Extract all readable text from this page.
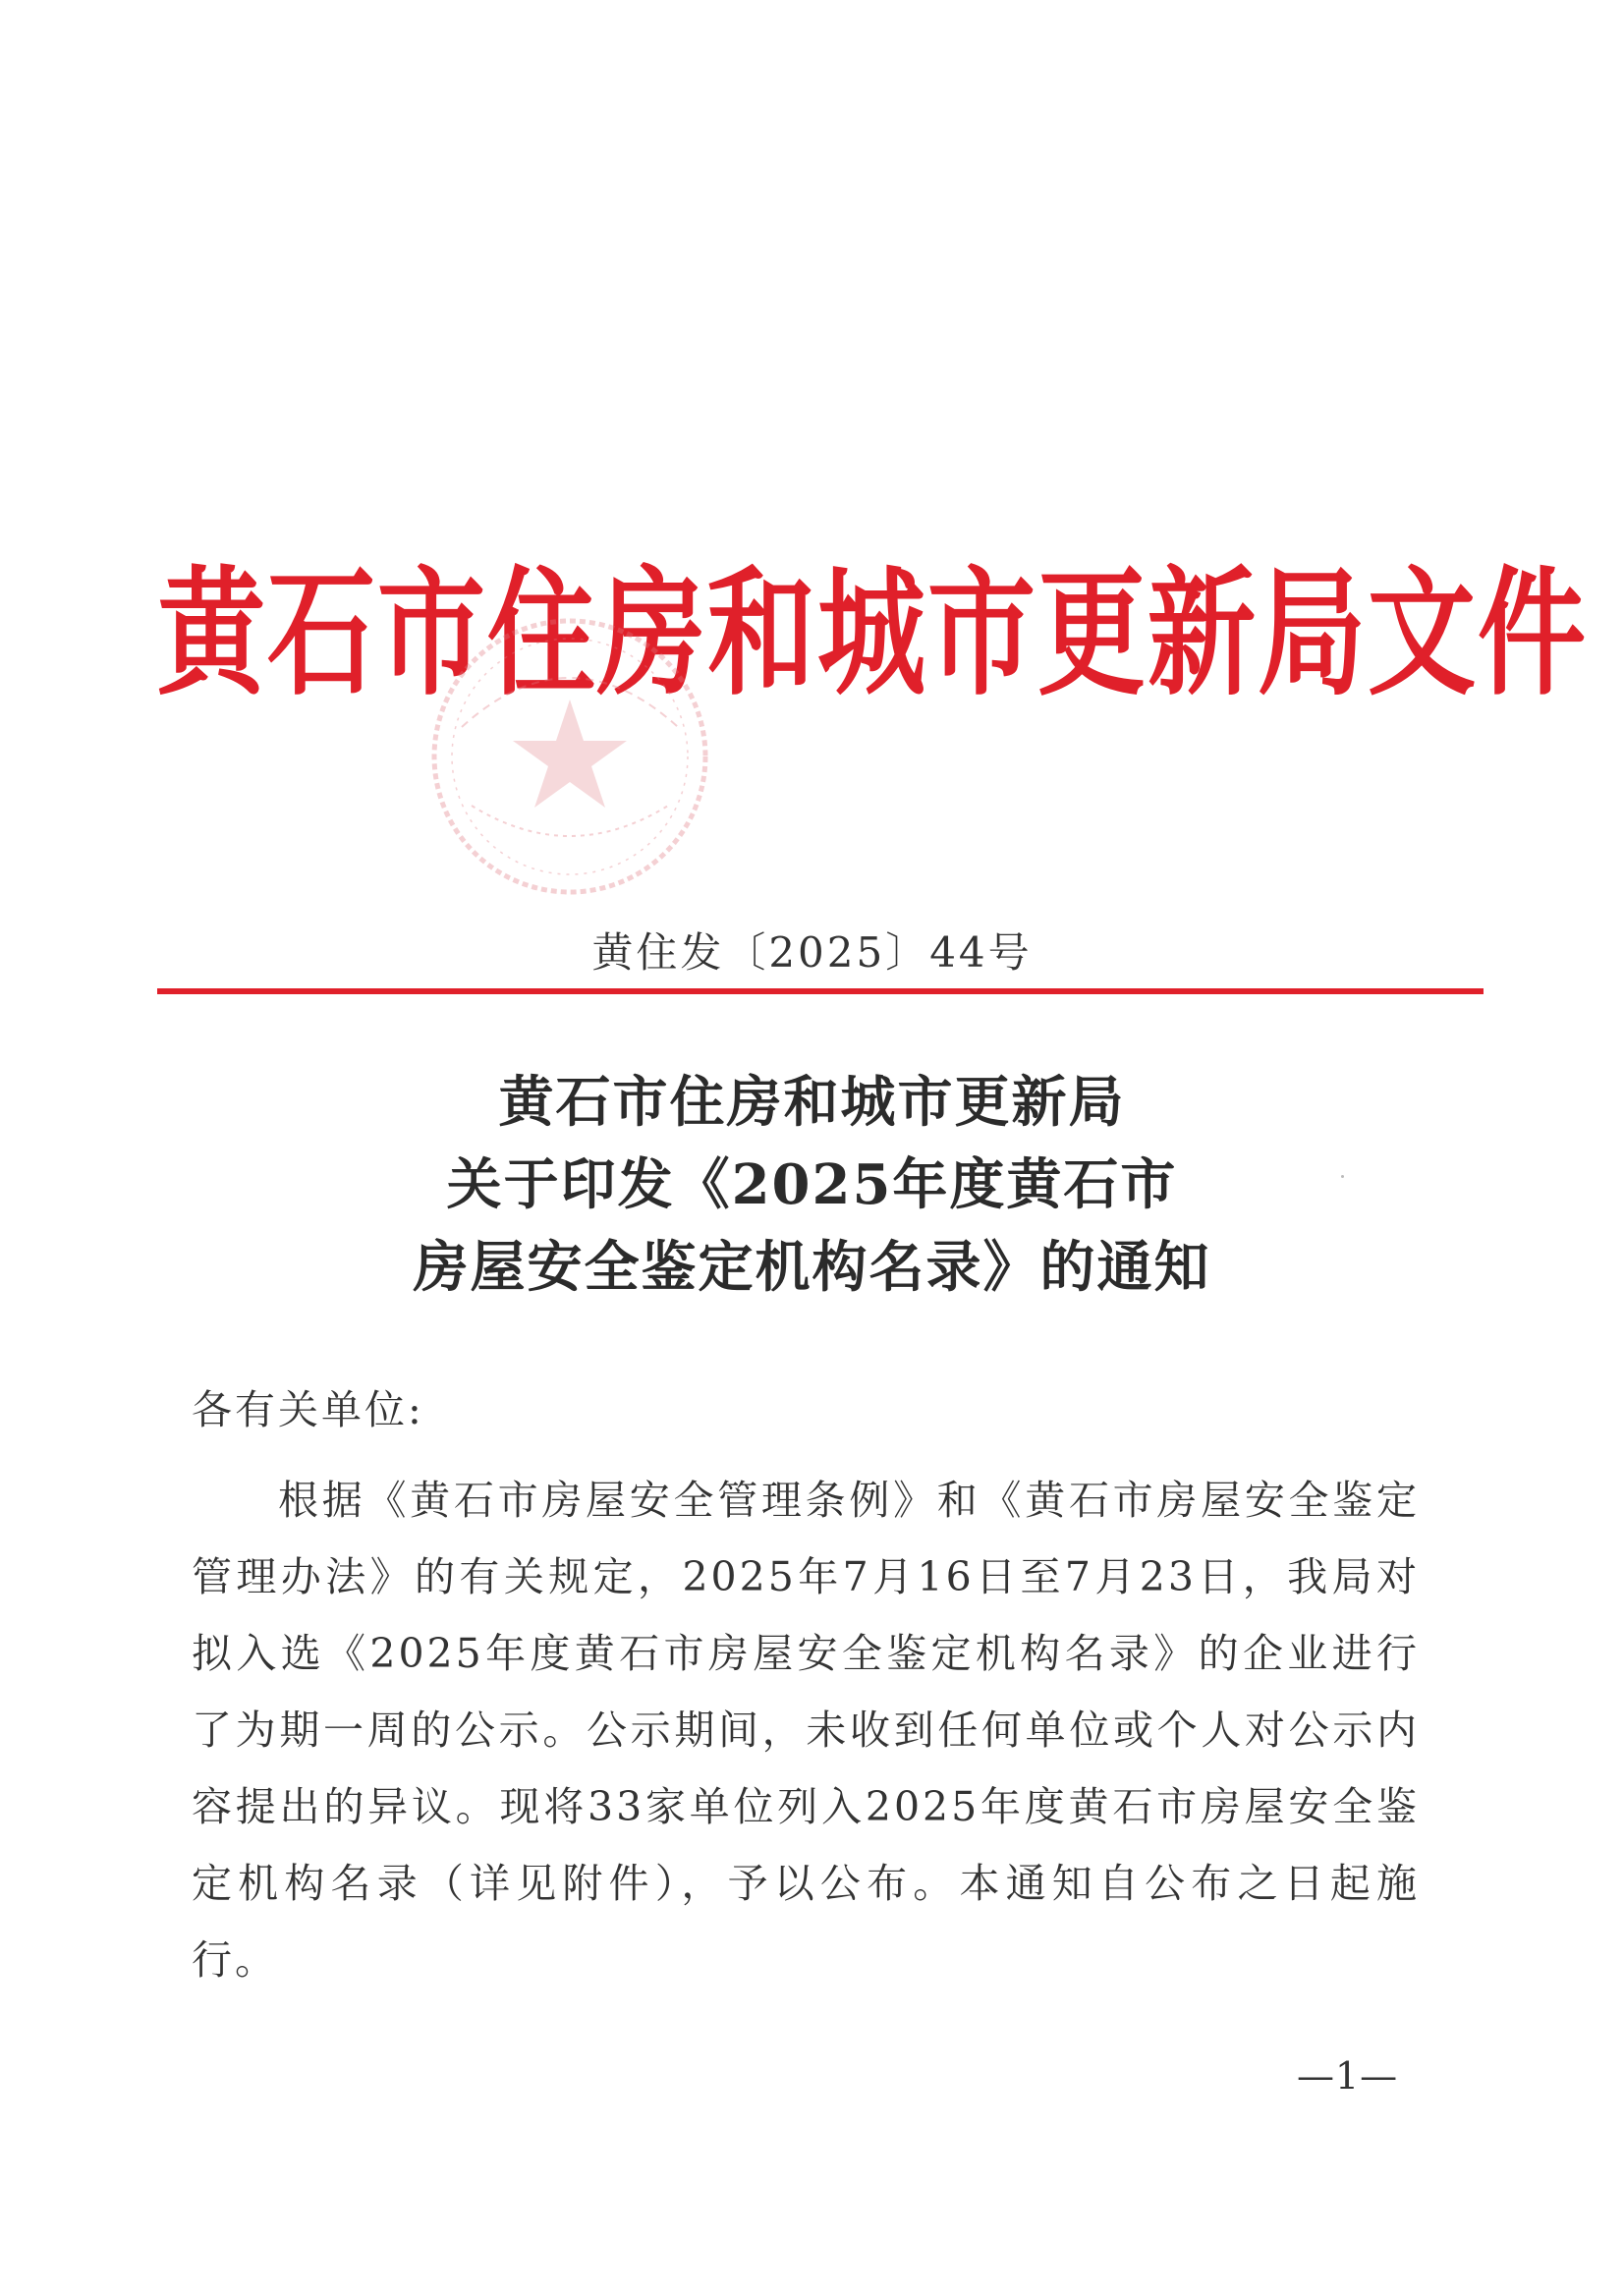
黄石市住房和城市更新局文件
黄住发〔2025〕44号
黄石市住房和城市更新局
关于印发《2025年度黄石市
房屋安全鉴定机构名录》的通知
各有关单位:
根据《黄石市房屋安全管理条例》和《黄石市房屋安全鉴定管理办法》的有关规定，2025年7月16日至7月23日，我局对拟入选《2025年度黄石市房屋安全鉴定机构名录》的企业进行了为期一周的公示。公示期间，未收到任何单位或个人对公示内容提出的异议。现将33家单位列入2025年度黄石市房屋安全鉴定机构名录（详见附件），予以公布。本通知自公布之日起施行。
—1—
